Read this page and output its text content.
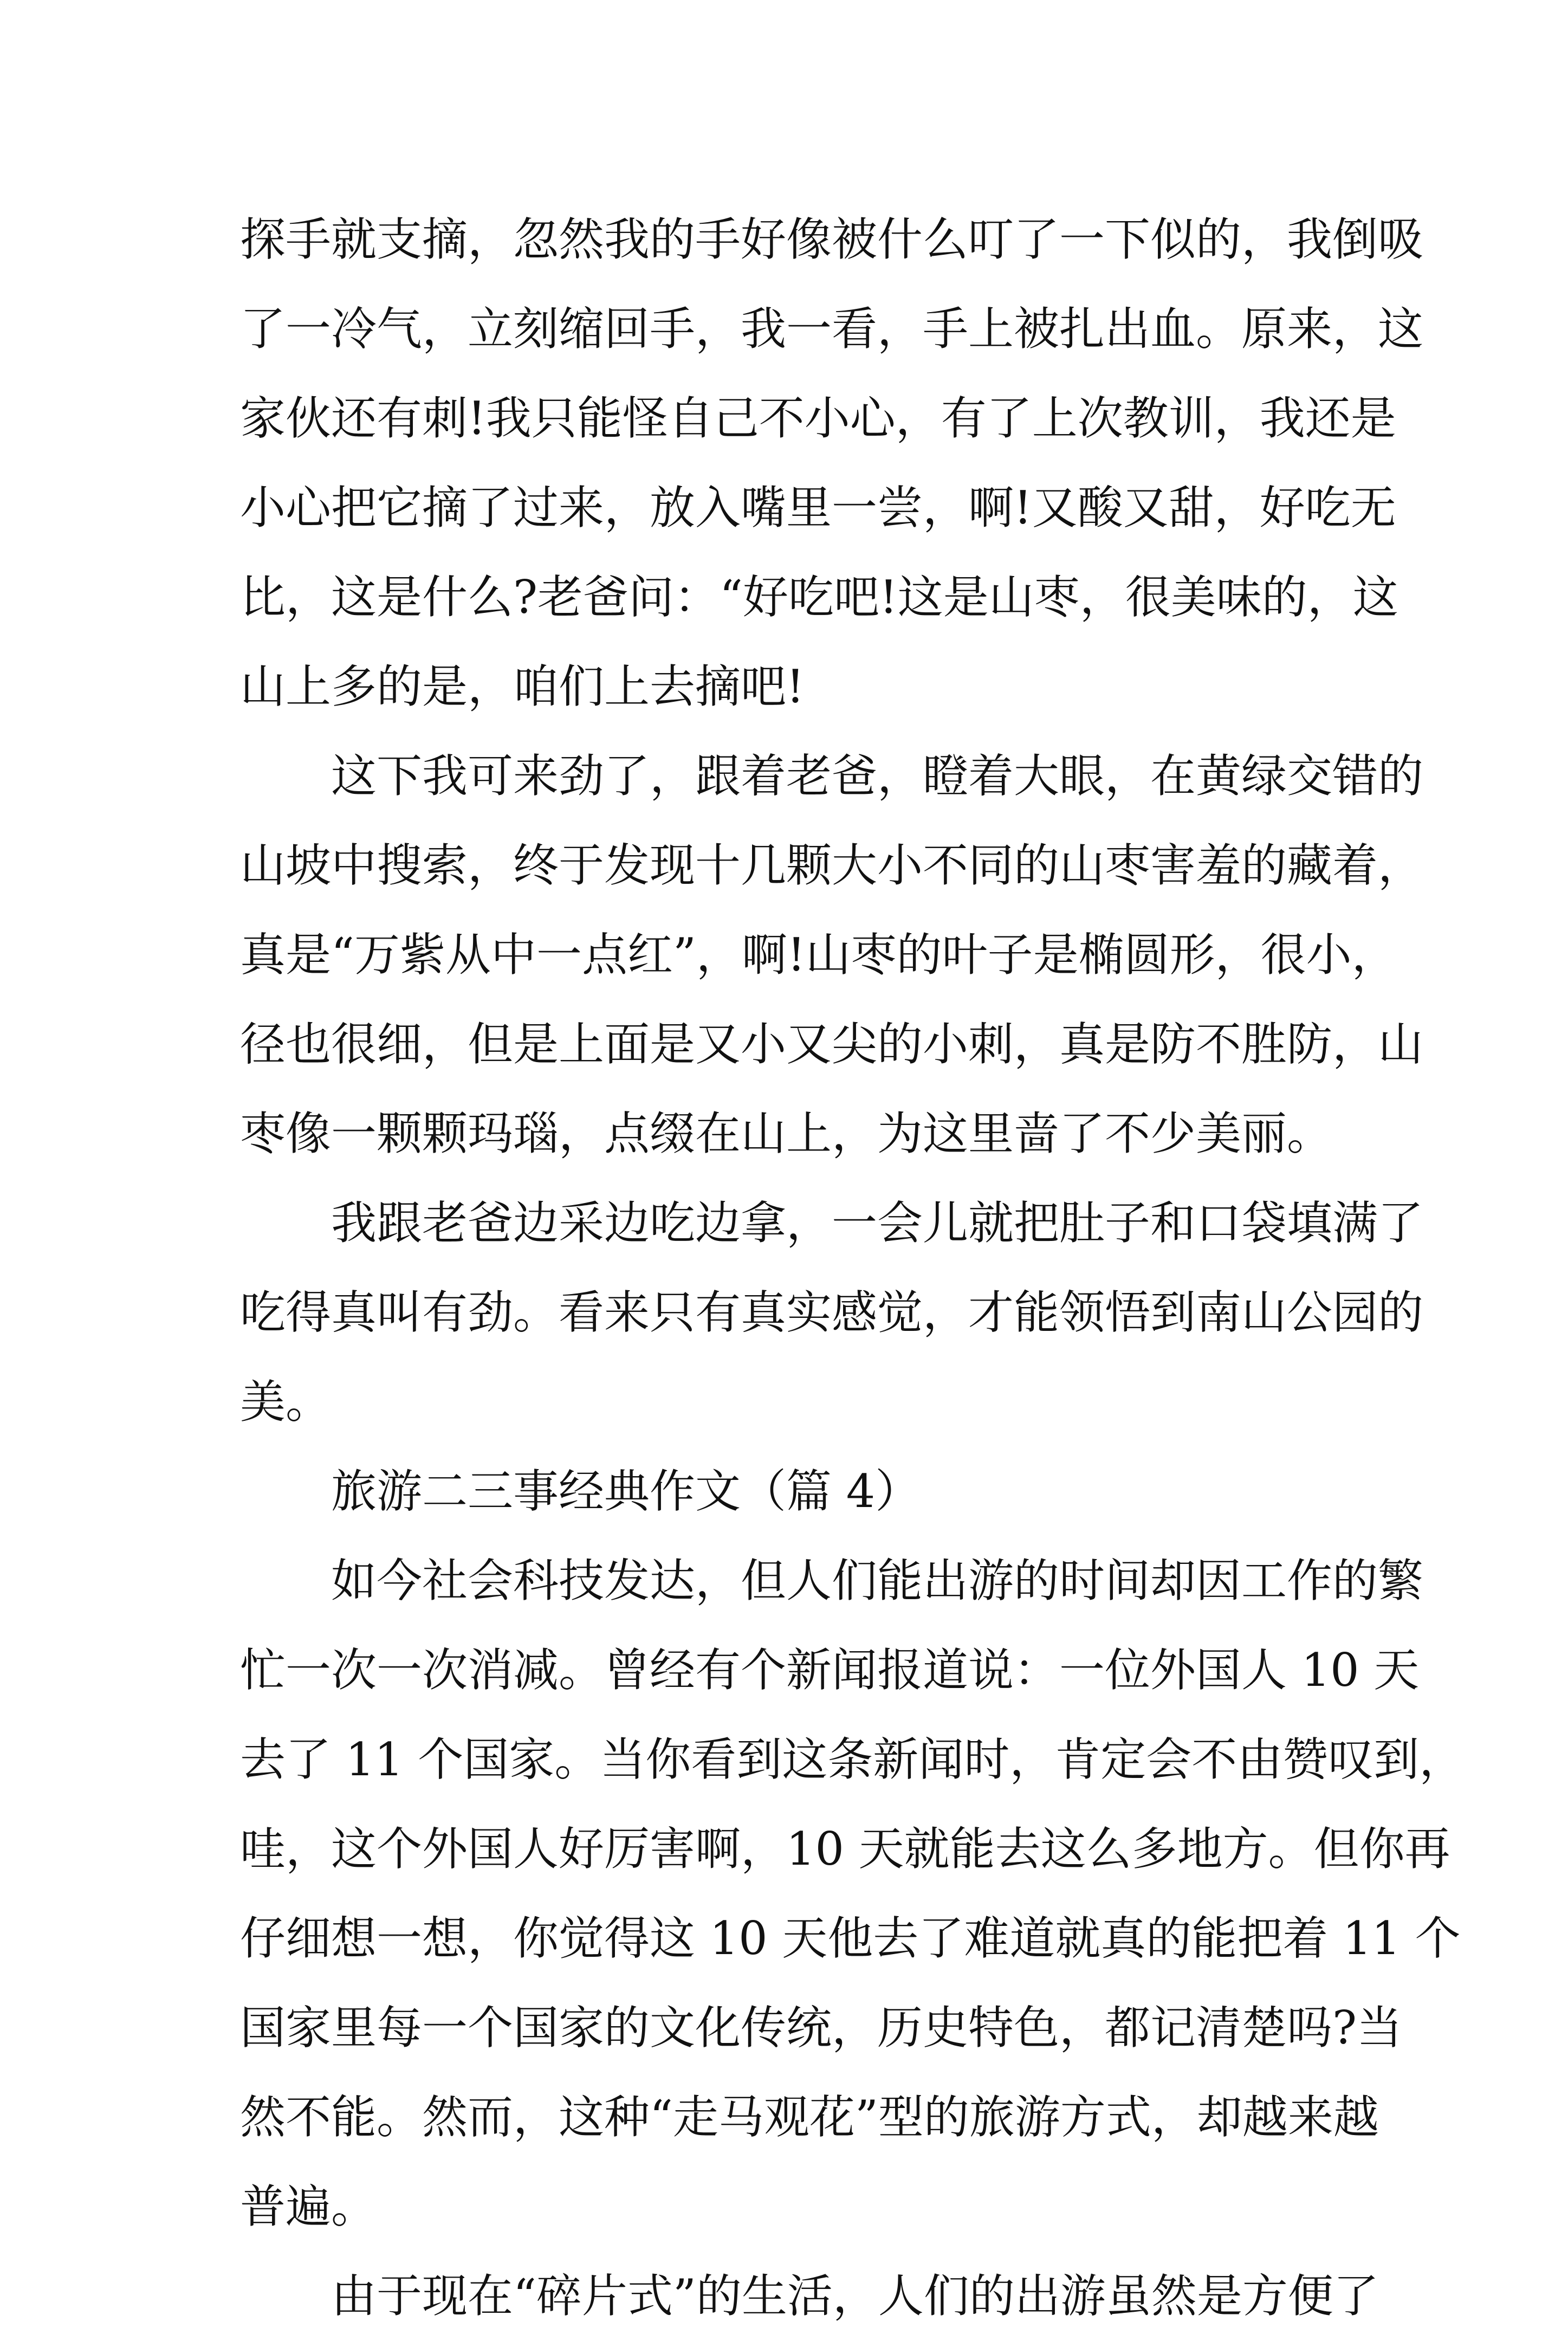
探手就支摘，忽然我的手好像被什么叮了一下似的，我倒吸
了一冷气，立刻缩回手，我一看，手上被扎出血。原来，这
家伙还有刺!我只能怪自己不小心，有了上次教训，我还是
小心把它摘了过来，放入嘴里一尝，啊!又酸又甜，好吃无
比，这是什么?老爸问：“好吃吧!这是山枣，很美味的，这
山上多的是，咱们上去摘吧!
这下我可来劲了，跟着老爸，瞪着大眼，在黄绿交错的
山坡中搜索，终于发现十几颗大小不同的山枣害羞的藏着，
真是“万紫从中一点红”，啊!山枣的叶子是椭圆形，很小，
径也很细，但是上面是又小又尖的小刺，真是防不胜防，山
枣像一颗颗玛瑙，点缀在山上，为这里啬了不少美丽。
我跟老爸边采边吃边拿，一会儿就把肚子和口袋填满了
吃得真叫有劲。看来只有真实感觉，才能领悟到南山公园的
美。
旅游二三事经典作文（篇 4）
如今社会科技发达，但人们能出游的时间却因工作的繁
忙一次一次消减。曾经有个新闻报道说：一位外国人 10 天
去了 11 个国家。当你看到这条新闻时，肯定会不由赞叹到，
哇，这个外国人好厉害啊，10 天就能去这么多地方。但你再
仔细想一想，你觉得这 10 天他去了难道就真的能把着 11 个
国家里每一个国家的文化传统，历史特色，都记清楚吗?当
然不能。然而，这种“走马观花”型的旅游方式，却越来越
普遍。
由于现在“碎片式”的生活，人们的出游虽然是方便了
